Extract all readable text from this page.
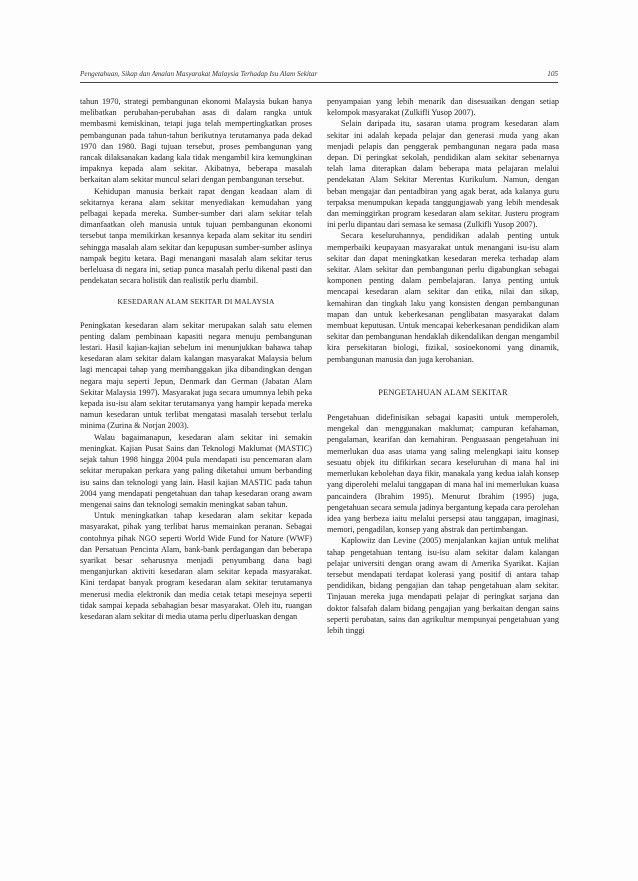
Pengetahuan, Sikap dan Amalan Masyarakat Malaysia Terhadap Isu Alam Sekitar	105

tahun 1970, strategi pembangunan ekonomi Malaysia bukan hanya melibatkan perubahan-perubahan asas di dalam rangka untuk membasmi kemiskinan, tetapi juga telah mempertingkatkan proses pembangunan pada tahun-tahun berikutnya terutamanya pada dekad 1970 dan 1980. Bagi tujuan tersebut, proses pembangunan yang rancak dilaksanakan kadang kala tidak mengambil kira kemungkinan impaknya kepada alam sekitar. Akibatnya, beberapa masalah berkaitan alam sekitar muncul selari dengan pembangunan tersebut.

Kehidupan manusia berkait rapat dengan keadaan alam di sekitarnya kerana alam sekitar menyediakan kemudahan yang pelbagai kepada mereka. Sumber-sumber dari alam sekitar telah dimanfaatkan oleh manusia untuk tujuan pembangunan ekonomi tersebut tanpa memikirkan kesannya kepada alam sekitar itu sendiri sehingga masalah alam sekitar dan kepupusan sumber-sumber aslinya nampak begitu ketara. Bagi menangani masalah alam sekitar terus berleluasa di negara ini, setiap punca masalah perlu dikenal pasti dan pendekatan secara holistik dan realistik perlu diambil.

KESEDARAN ALAM SEKITAR DI MALAYSIA

Peningkatan kesedaran alam sekitar merupakan salah satu elemen penting dalam pembinaan kapasiti negara menuju pembangunan lestari. Hasil kajian-kajian sebelum ini menunjukkan bahawa tahap kesedaran alam sekitar dalam kalangan masyarakat Malaysia belum lagi mencapai tahap yang membanggakan jika dibandingkan dengan negara maju seperti Jepun, Denmark dan German (Jabatan Alam Sekitar Malaysia 1997). Masyarakat juga secara umumnya lebih peka kepada isu-isu alam sekitar terutamanya yang hampir kepada mereka namun kesedaran untuk terlibat mengatasi masalah tersebut terlalu minima (Zurina & Norjan 2003).

Walau bagaimanapun, kesedaran alam sekitar ini semakin meningkat. Kajian Pusat Sains dan Teknologi Maklumat (MASTIC) sejak tahun 1998 hingga 2004 pula mendapati isu pencemaran alam sekitar merupakan perkara yang paling diketahui umum berbanding isu sains dan teknologi yang lain. Hasil kajian MASTIC pada tahun 2004 yang mendapati pengetahuan dan tahap kesedaran orang awam mengenai sains dan teknologi semakin meningkat saban tahun.

Untuk meningkatkan tahap kesedaran alam sekitar kepada masyarakat, pihak yang terlibat harus memainkan peranan. Sebagai contohnya pihak NGO seperti World Wide Fund for Nature (WWF) dan Persatuan Pencinta Alam, bank-bank perdagangan dan beberapa syarikat besar seharusnya menjadi penyumbang dana bagi menganjurkan aktiviti kesedaran alam sekitar kepada masyarakat. Kini terdapat banyak program kesedaran alam sekitar terutamanya menerusi media elektronik dan media cetak tetapi mesejnya seperti tidak sampai kepada sebahagian besar masyarakat. Oleh itu, ruangan kesedaran alam sekitar di media utama perlu diperluaskan dengan

penyampaian yang lebih menarik dan disesuaikan dengan setiap kelompok masyarakat (Zulkifli Yusop 2007).

Selain daripada itu, sasaran utama program kesedaran alam sekitar ini adalah kepada pelajar dan generasi muda yang akan menjadi pelapis dan penggerak pembangunan negara pada masa depan. Di peringkat sekolah, pendidikan alam sekitar sebenarnya telah lama diterapkan dalam beberapa mata pelajaran melalui pendekatan Alam Sekitar Merentas Kurikulum. Namun, dengan beban mengajar dan pentadbiran yang agak berat, ada kalanya guru terpaksa menumpukan kepada tanggungjawab yang lebih mendesak dan meminggirkan program kesedaran alam sekitar. Justeru program ini perlu dipantau dari semasa ke semasa (Zulkifli Yusop 2007).

Secara keseluruhannya, pendidikan adalah penting untuk memperbaiki keupayaan masyarakat untuk menangani isu-isu alam sekitar dan dapat meningkatkan kesedaran mereka terhadap alam sekitar. Alam sekitar dan pembangunan perlu digabungkan sebagai komponen penting dalam pembelajaran. Ianya penting untuk mencapai kesedaran alam sekitar dan etika, nilai dan sikap, kemahiran dan tingkah laku yang konsisten dengan pembangunan mapan dan untuk keberkesanan penglibatan masyarakat dalam membuat keputusan. Untuk mencapai keberkesanan pendidikan alam sekitar dan pembangunan hendaklah dikendalikan dengan mengambil kira persekitaran biologi, fizikal, sosioekonomi yang dinamik, pembangunan manusia dan juga kerohanian.

PENGETAHUAN ALAM SEKITAR

Pengetahuan didefinisikan sebagai kapasiti untuk memperoleh, mengekal dan menggunakan maklumat; campuran kefahaman, pengalaman, kearifan dan kemahiran. Penguasaan pengetahuan ini memerlukan dua asas utama yang saling melengkapi iaitu konsep sesuatu objek itu difikirkan secara keseluruhan di mana hal ini memerlukan kebolehan daya fikir, manakala yang kedua ialah konsep yang diperolehi melalui tanggapan di mana hal ini memerlukan kuasa pancaindera (Ibrahim 1995). Menurut Ibrahim (1995) juga, pengetahuan secara semula jadinya bergantung kepada cara perolehan idea yang berbeza iaitu melalui persepsi atau tanggapan, imaginasi, memori, pengadilan, konsep yang abstrak dan pertimbangan.

Kaplowitz dan Levine (2005) menjalankan kajian untuk melihat tahap pengetahuan tentang isu-isu alam sekitar dalam kalangan pelajar universiti dengan orang awam di Amerika Syarikat. Kajian tersebut mendapati terdapat kolerasi yang positif di antara tahap pendidikan, bidang pengajian dan tahap pengetahuan alam sekitar. Tinjauan mereka juga mendapati pelajar di peringkat sarjana dan doktor falsafah dalam bidang pengajian yang berkaitan dengan sains seperti perubatan, sains dan agrikultur mempunyai pengetahuan yang lebih tinggi
